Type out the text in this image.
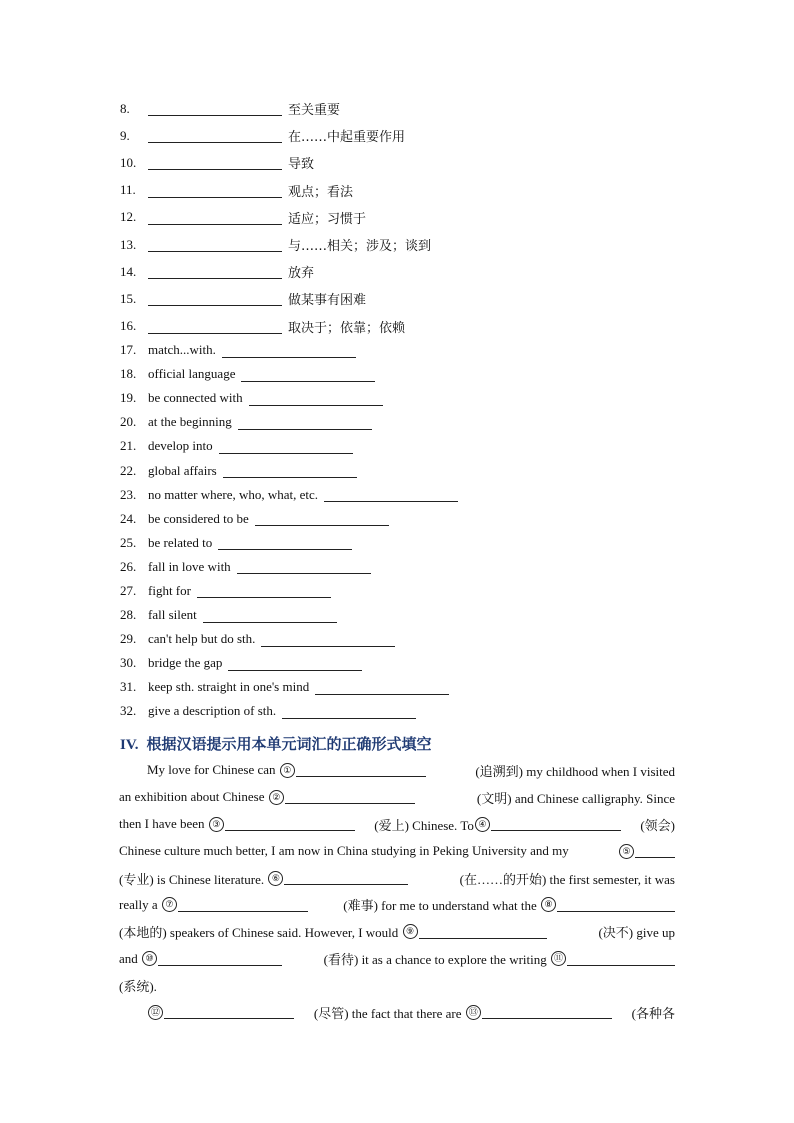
8.	至关重要
9.	在……中起重要作用
10.	导致
11.	观点；看法
12.	适应；习惯于
13.	与……相关；涉及；谈到
14.	放弃
15.	做某事有困难
16.	取决于；依靠；依赖
17. match...with.
18. official language
19. be connected with
20. at the beginning
21. develop into
22. global affairs
23. no matter where, who, what, etc.
24. be considered to be
25. be related to
26. fall in love with
27. fight for
28. fall silent
29. can't help but do sth.
30. bridge the gap
31. keep sth. straight in one's mind
32. give a description of sth.
IV. 根据汉语提示用本单元词汇的正确形式填空
My love for Chinese can
①	(追溯到) my childhood when I visited
an exhibition about Chinese
②	(文明) and Chinese calligraphy. Since
then I have been
③	(爱上) Chinese. To ④	(领会)
Chinese culture much better, I am now in China studying in Peking University and my	⑤
(专业) is Chinese literature.
⑥	(在……的开始) the first semester, it was
really a
⑦	(难事) for me to understand what the
⑧
(本地的) speakers of Chinese said. However, I would
⑨	(决不) give up
and
⑩	(看待) it as a chance to explore the writing
⑪
(系统).
⑫	(尽管) the fact that there are
⑬	(各种各
